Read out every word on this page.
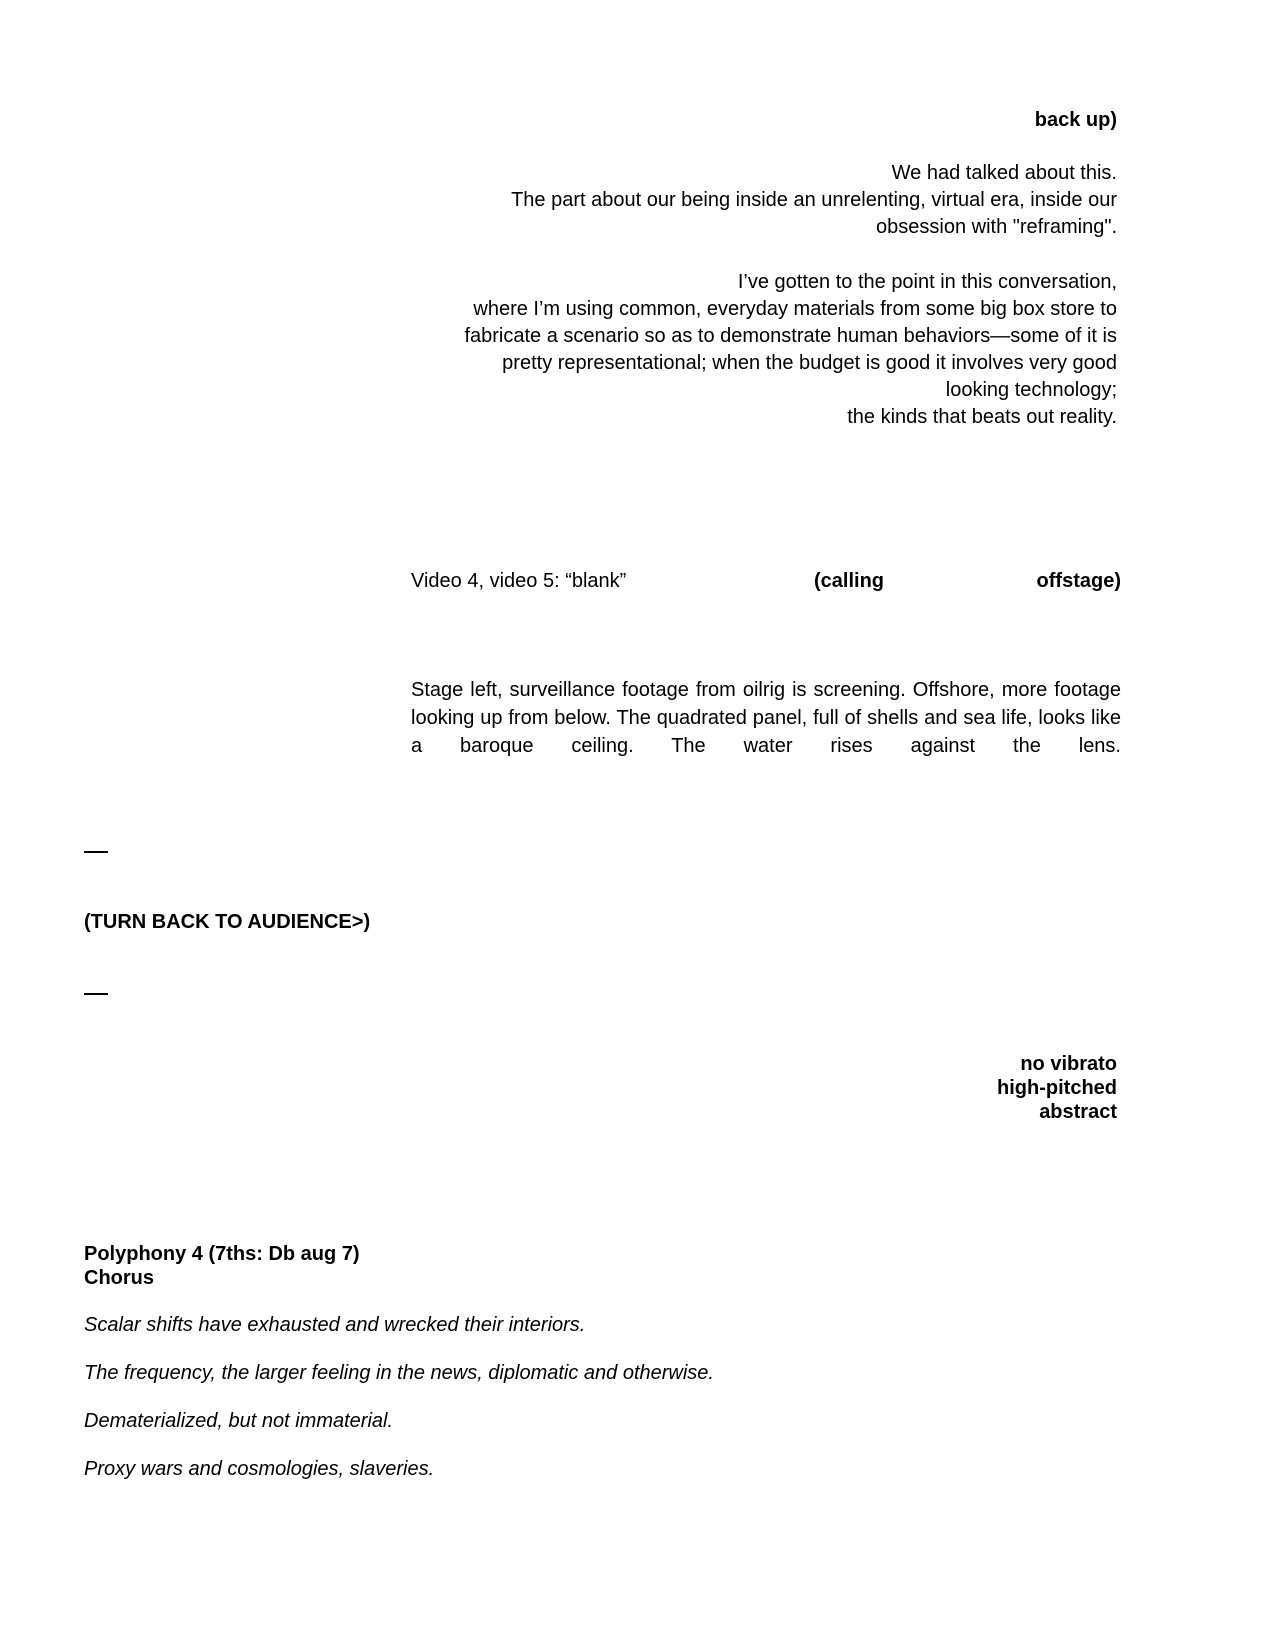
back up)

We had talked about this.
The part about our being inside an unrelenting, virtual era, inside our
obsession with "reframing".
I’ve gotten to the point in this conversation,
where I’m using common, everyday materials from some big box store to
fabricate a scenario so as to demonstrate human behaviors—some of it is
pretty representational; when the budget is good it involves very good
looking technology;
the kinds that beats out reality.
Video 4, video 5: “blank”	(calling	offstage)

Stage left, surveillance footage from oilrig is screening. Offshore, more footage looking up from below. The quadrated panel, full of shells and sea life, looks like a baroque ceiling. The water rises against the lens.

(TURN BACK TO AUDIENCE>)

no vibrato
high-pitched
abstract
Polyphony 4 (7ths: Db aug 7)
Chorus

Scalar shifts have exhausted and wrecked their interiors.

The frequency, the larger feeling in the news, diplomatic and otherwise.

Dematerialized, but not immaterial.

Proxy wars and cosmologies, slaveries.
